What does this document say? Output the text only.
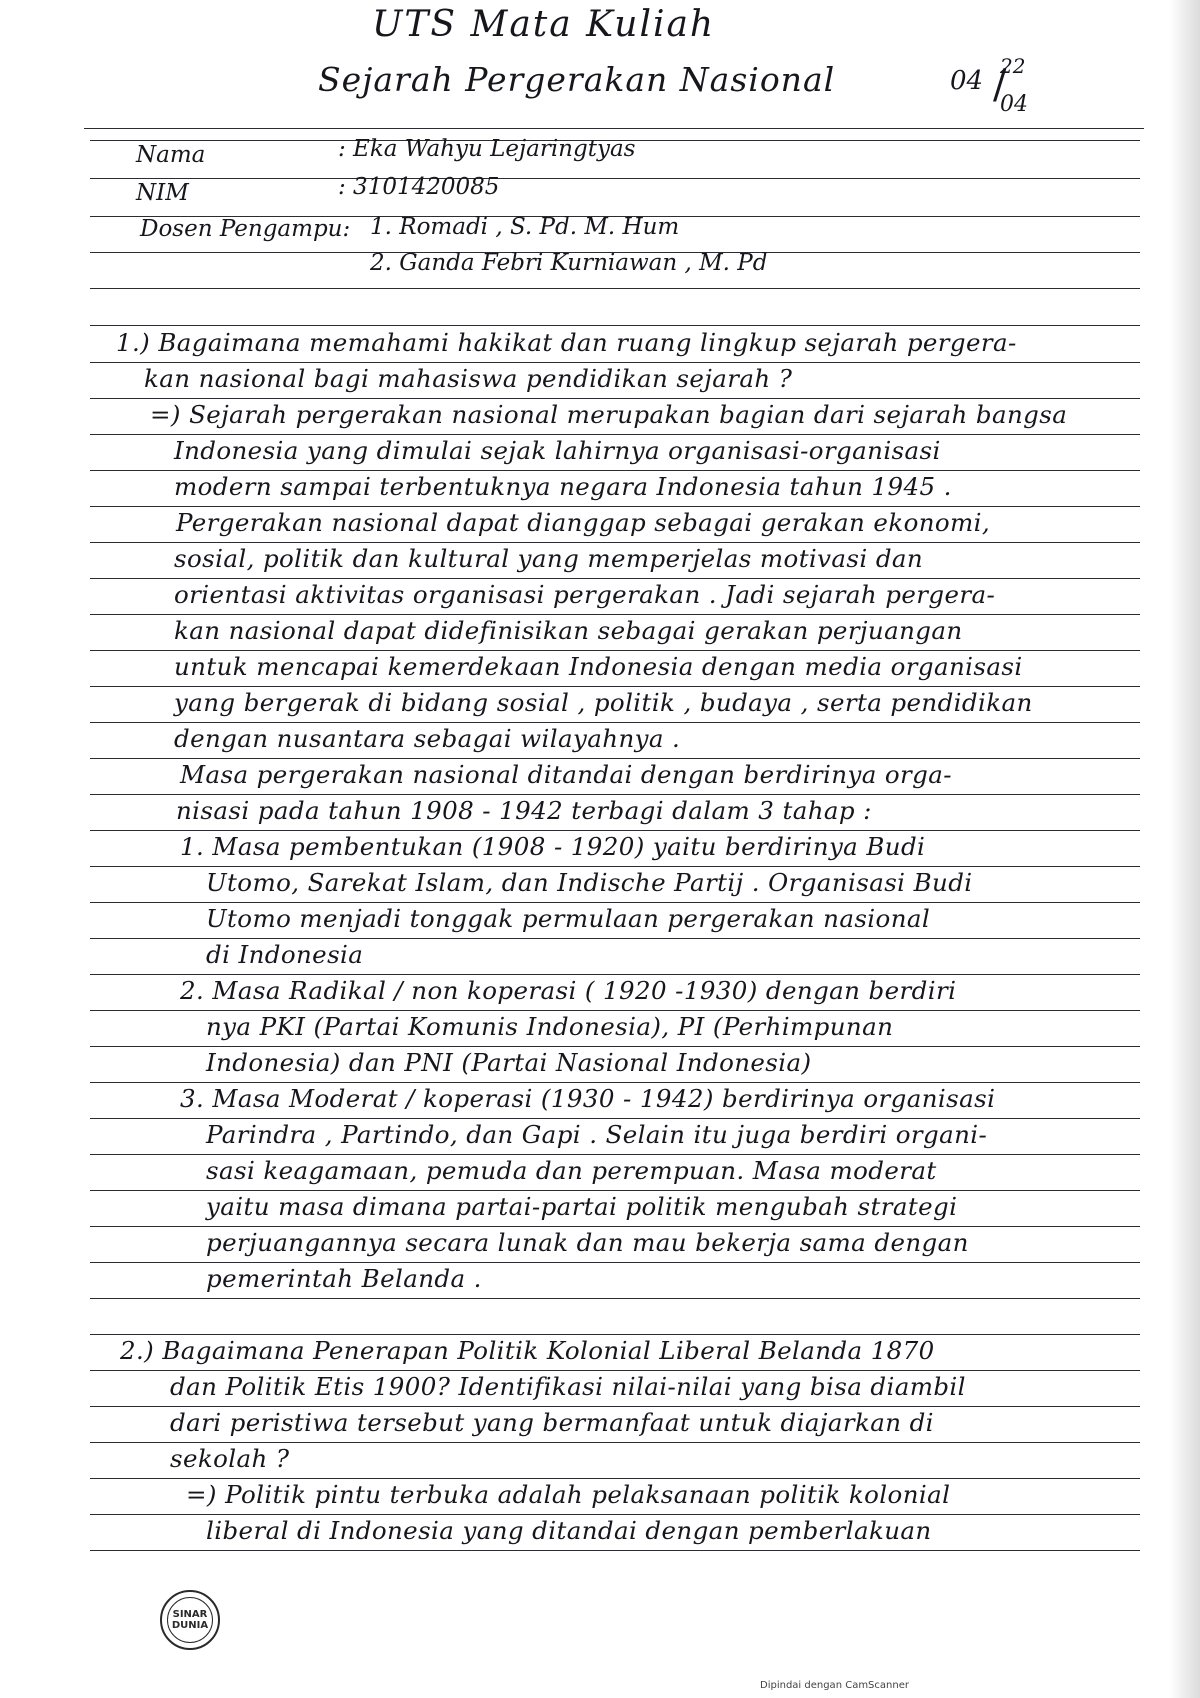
UTS Mata Kuliah
Sejarah Pergerakan Nasional	04 /
22
04
Nama	: Eka Wahyu Lejaringtyas
NIM	: 3101420085
Dosen Pengampu: 1. Romadi , S. Pd. M. Hum
2. Ganda Febri Kurniawan , M. Pd
1.) Bagaimana memahami hakikat dan ruang lingkup sejarah pergera-
kan nasional bagi mahasiswa pendidikan sejarah ?
=) Sejarah pergerakan nasional merupakan bagian dari sejarah bangsa
Indonesia yang dimulai sejak lahirnya organisasi-organisasi
modern sampai terbentuknya negara Indonesia tahun 1945 .
Pergerakan nasional dapat dianggap sebagai gerakan ekonomi,
sosial, politik dan kultural yang memperjelas motivasi dan
orientasi aktivitas organisasi pergerakan . Jadi sejarah pergera-
kan nasional dapat didefinisikan sebagai gerakan perjuangan
untuk mencapai kemerdekaan Indonesia dengan media organisasi
yang bergerak di bidang sosial , politik , budaya , serta pendidikan
dengan nusantara sebagai wilayahnya .
Masa pergerakan nasional ditandai dengan berdirinya orga-
nisasi pada tahun 1908 - 1942 terbagi dalam 3 tahap :
1. Masa pembentukan (1908 - 1920) yaitu berdirinya Budi
Utomo, Sarekat Islam, dan Indische Partij . Organisasi Budi
Utomo menjadi tonggak permulaan pergerakan nasional
di Indonesia
2. Masa Radikal / non koperasi ( 1920 -1930) dengan berdiri
nya PKI (Partai Komunis Indonesia), PI (Perhimpunan
Indonesia) dan PNI (Partai Nasional Indonesia)
3. Masa Moderat / koperasi (1930 - 1942) berdirinya organisasi
Parindra , Partindo, dan Gapi . Selain itu juga berdiri organi-
sasi keagamaan, pemuda dan perempuan. Masa moderat
yaitu masa dimana partai-partai politik mengubah strategi
perjuangannya secara lunak dan mau bekerja sama dengan
pemerintah Belanda .
2.) Bagaimana Penerapan Politik Kolonial Liberal Belanda 1870
dan Politik Etis 1900? Identifikasi nilai-nilai yang bisa diambil
dari peristiwa tersebut yang bermanfaat untuk diajarkan di
sekolah ?
=) Politik pintu terbuka adalah pelaksanaan politik kolonial
liberal di Indonesia yang ditandai dengan pemberlakuan
SINAR
DUNIA
Dipindai dengan CamScanner
